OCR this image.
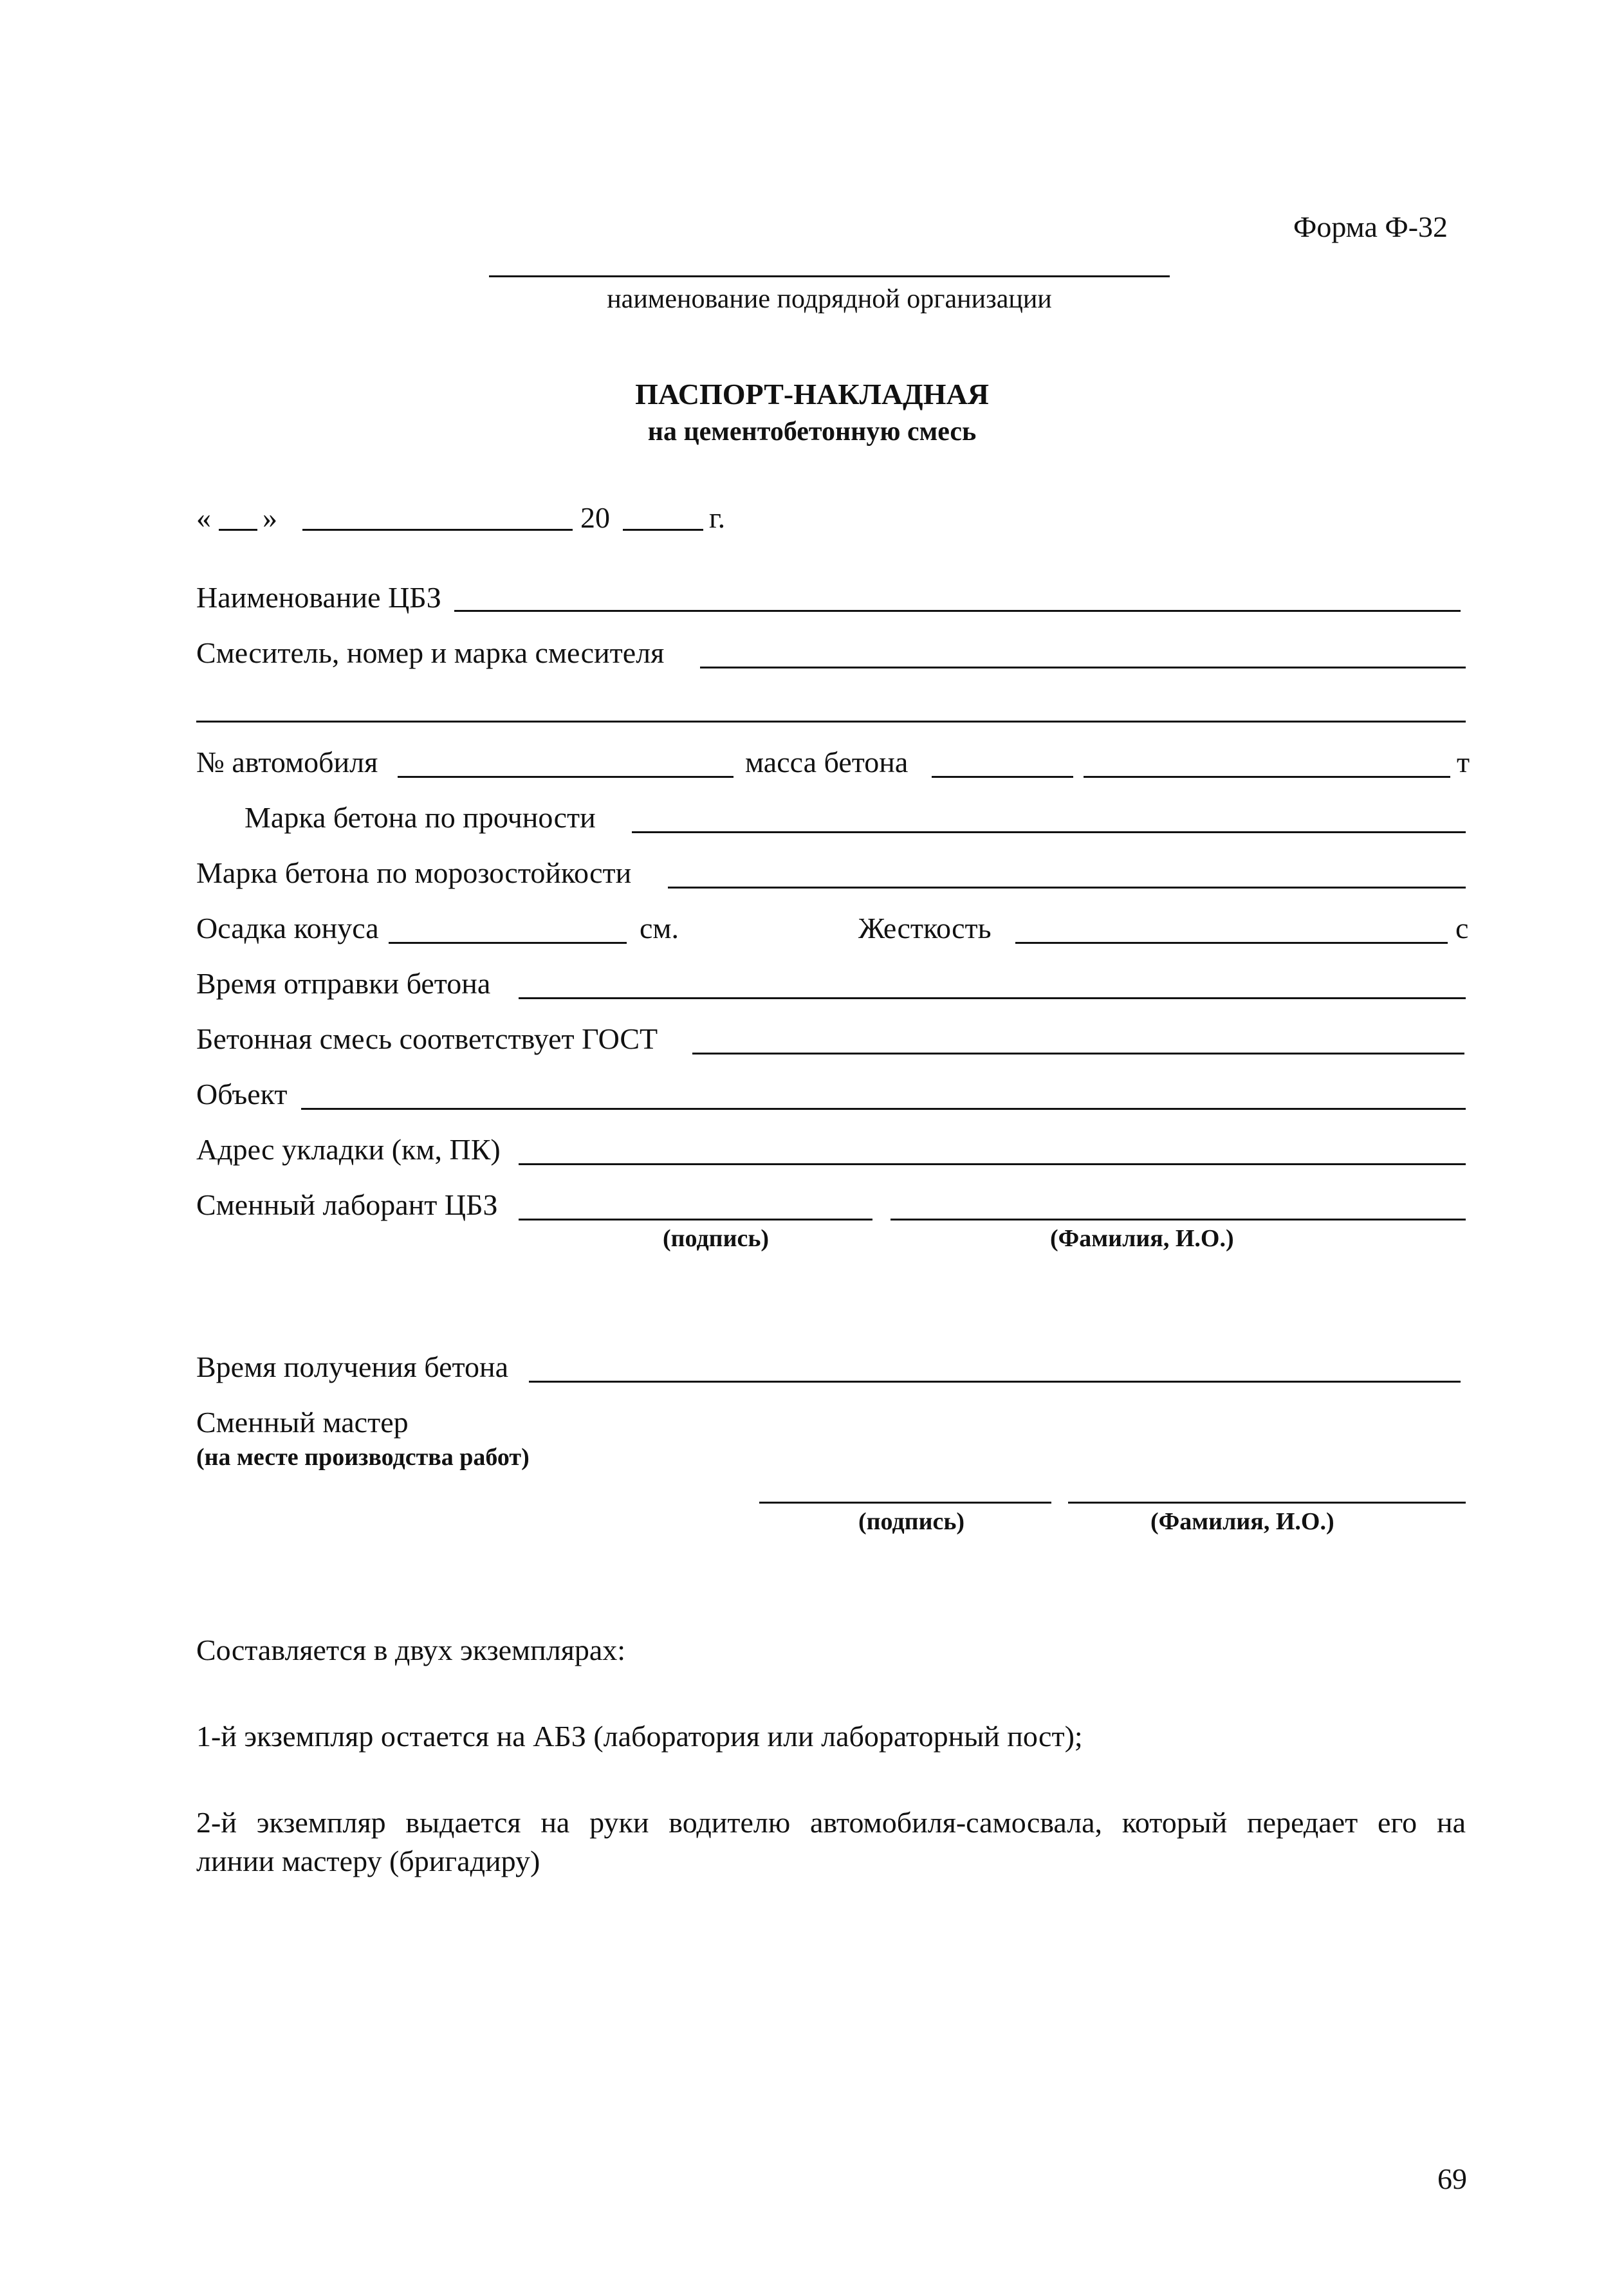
Форма Ф-32
наименование подрядной организации
ПАСПОРТ-НАКЛАДНАЯ
на цементобетонную смесь
« »	20	г.
Наименование ЦБЗ
Смеситель, номер и марка смесителя
№ автомобиля	масса бетона	т
Марка бетона по прочности
Марка бетона по морозостойкости
Осадка конуса	см.	Жесткость	с
Время отправки бетона
Бетонная смесь соответствует ГОСТ
Объект
Адрес укладки (км, ПК)
Сменный лаборант ЦБЗ
(подпись)	(Фамилия, И.О.)
Время получения бетона
Сменный мастер
(на месте производства работ)
(подпись)	(Фамилия, И.О.)
Составляется в двух экземплярах:
1-й экземпляр остается на АБЗ (лаборатория или лабораторный пост);
2-й экземпляр выдается на руки водителю автомобиля-самосвала, который передает его на
линии мастеру (бригадиру)
69
